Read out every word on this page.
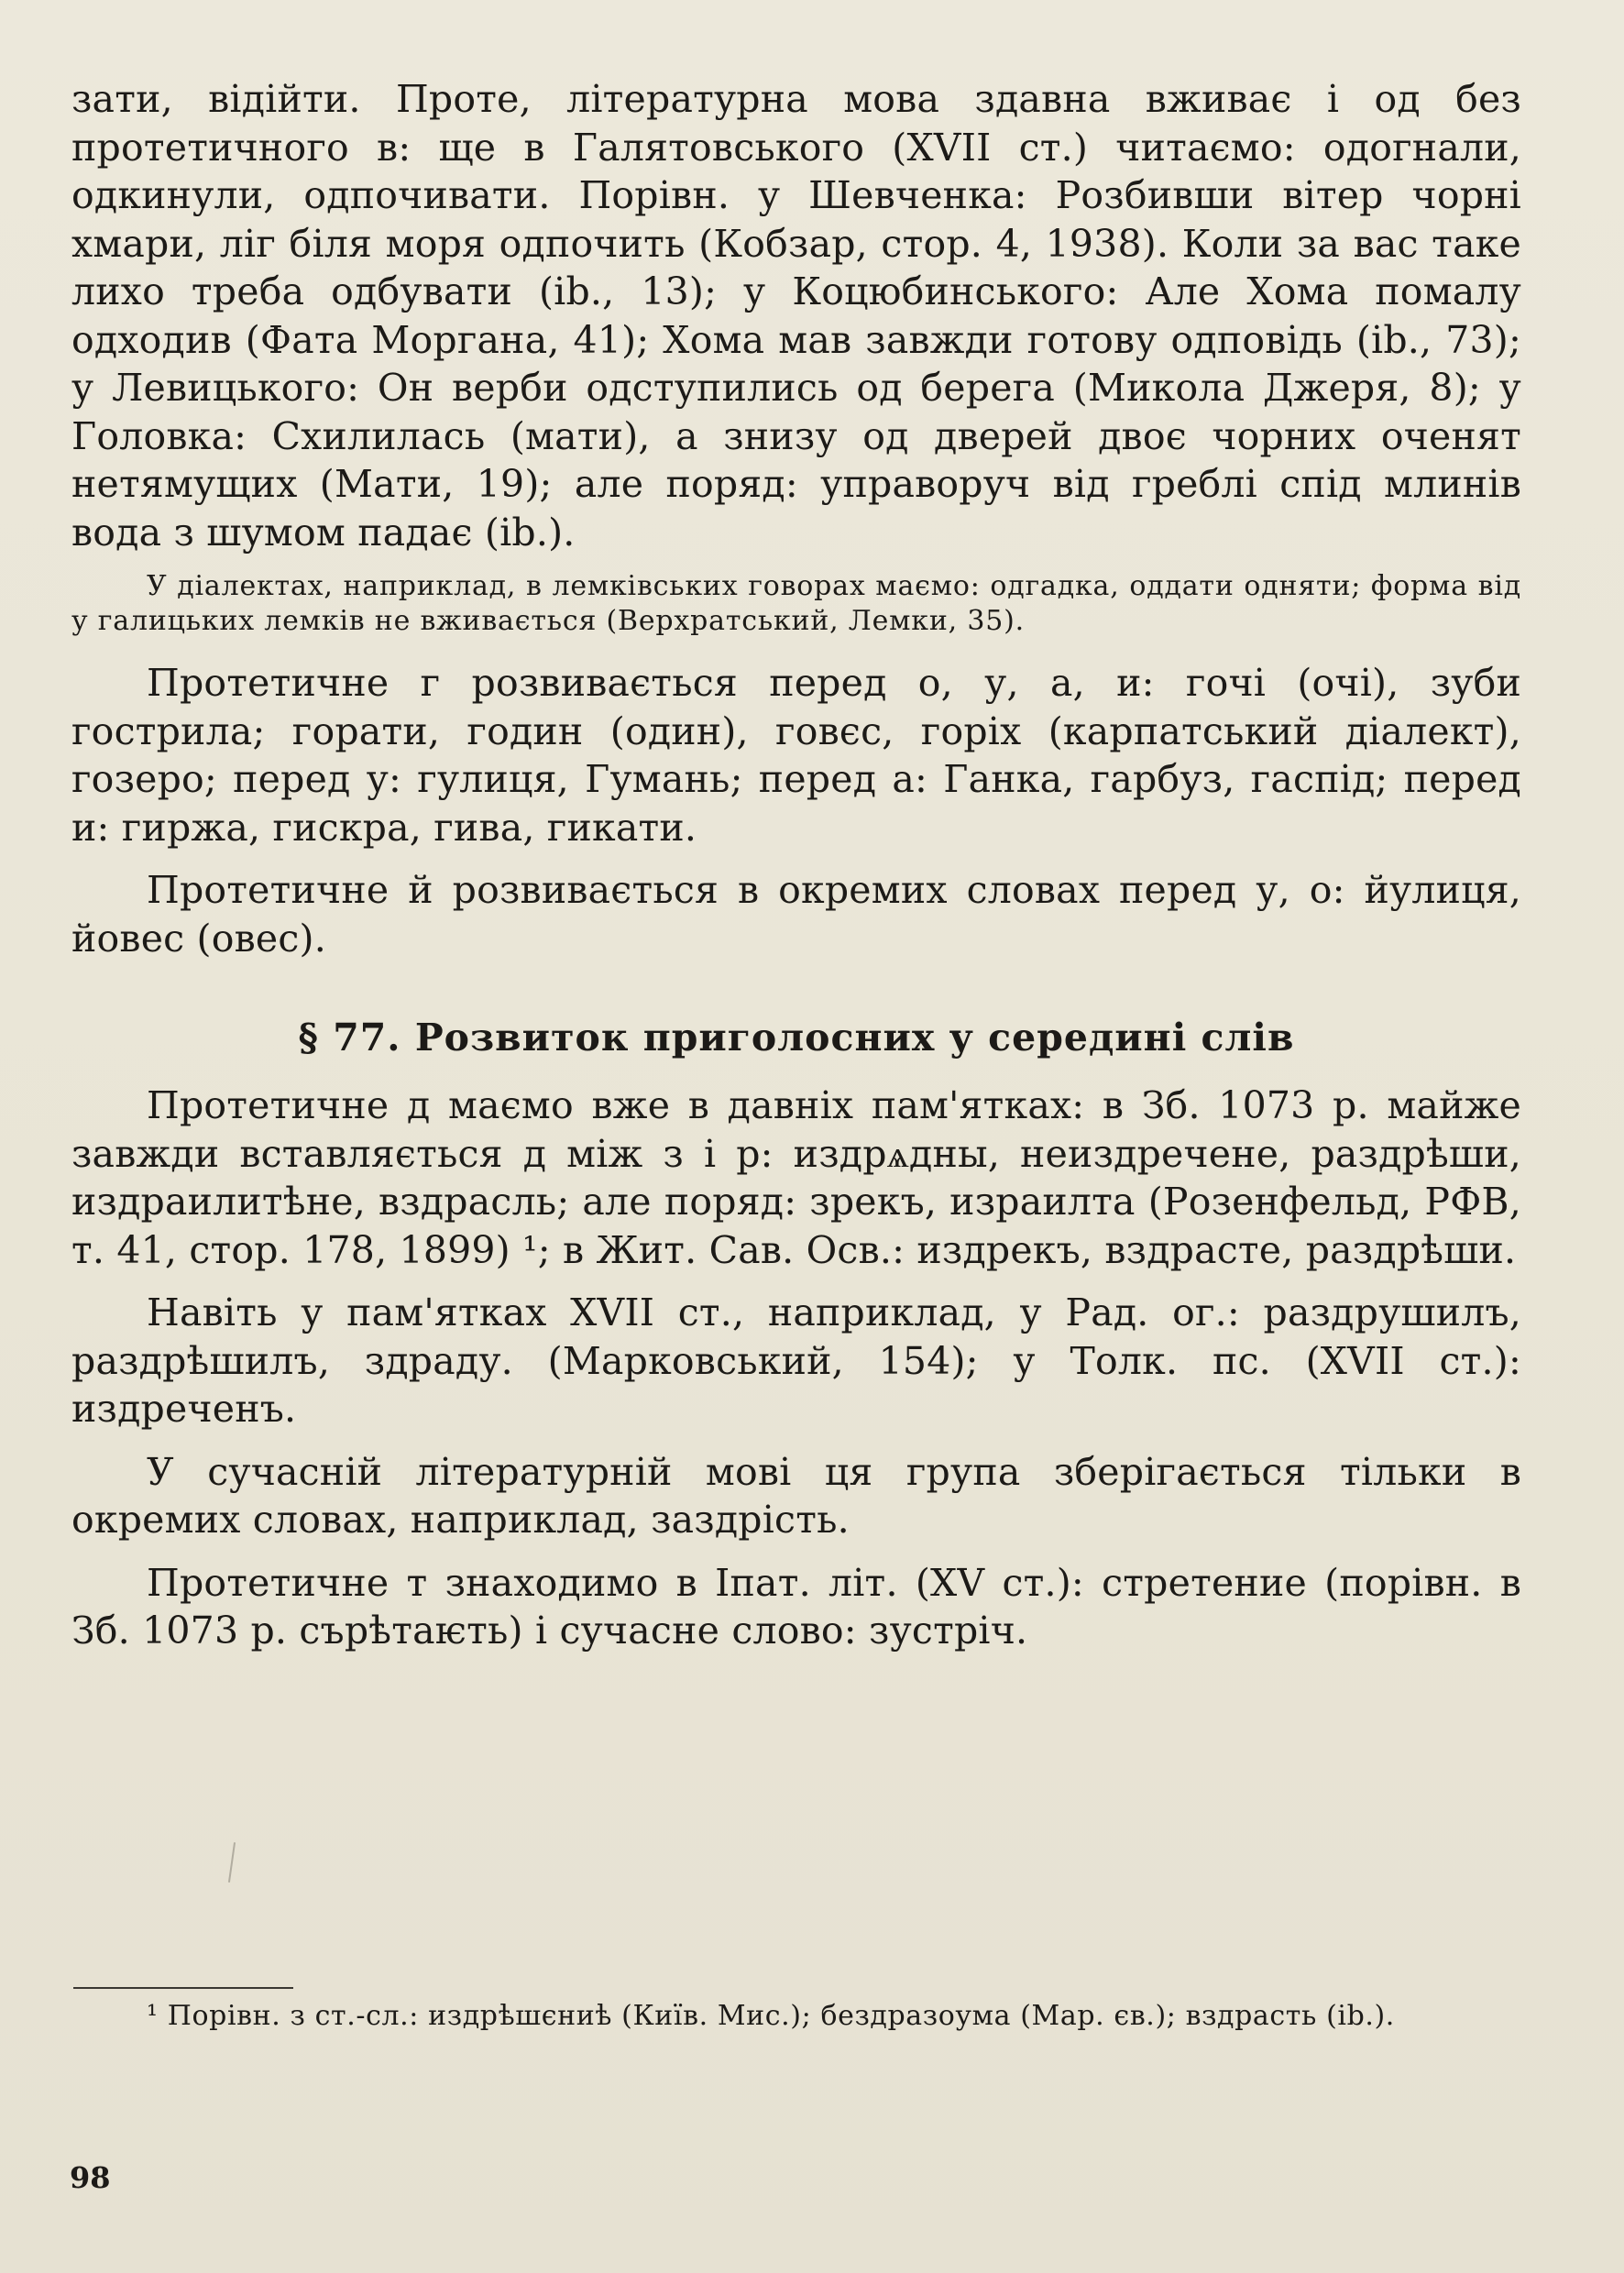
зати, відійти. Проте, літературна мова здавна вживає і од без протетичного в: ще в Галятовського (XVII ст.) читаємо: одогнали, одкинули, одпочивати. Порівн. у Шевченка: Розбивши вітер чорні хмари, ліг біля моря одпочить (Кобзар, стор. 4, 1938). Коли за вас таке лихо треба одбувати (ib., 13); у Коцюбинського: Але Хома помалу одходив (Фата Моргана, 41); Хома мав завжди готову одповідь (ib., 73); у Левицького: Он верби одступились од берега (Микола Джеря, 8); у Головка: Схилилась (мати), а знизу од дверей двоє чорних оченят нетямущих (Мати, 19); але поряд: управоруч від греблі спід млинів вода з шумом падає (ib.).

У діалектах, наприклад, в лемківських говорах маємо: одгадка, оддати одняти; форма від у галицьких лемків не вживається (Верхратський, Лемки, 35).

Протетичне г розвивається перед о, у, а, и: гочі (очі), зуби гострила; горати, годин (один), говєс, горіх (карпатський діалект), гозеро; перед у: гулиця, Гумань; перед а: Ганка, гарбуз, гаспід; перед и: гиржа, гискра, гива, гикати.

Протетичне й розвивається в окремих словах перед у, о: йулиця, йовес (овес).

§ 77. Розвиток приголосних у середині слів

Протетичне д маємо вже в давніх пам'ятках: в Зб. 1073 р. майже завжди вставляється д між з і р: издрѧдны, неиздречене, раздрѣши, издраилитѣне, вздрасль; але поряд: зрекъ, израилта (Розенфельд, РФВ, т. 41, стор. 178, 1899) ¹; в Жит. Сав. Осв.: издрекъ, вздрасте, раздрѣши.

Навіть у пам'ятках XVII ст., наприклад, у Рад. ог.: раздрушилъ, раздрѣшилъ, здраду. (Марковський, 154); у Толк. пс. (XVII ст.): издреченъ.

У сучасній літературній мові ця група зберігається тільки в окремих словах, наприклад, заздрість.

Протетичне т знаходимо в Іпат. літ. (XV ст.): стретение (порівн. в Зб. 1073 р. сърѣтаѥть) і сучасне слово: зустріч.

¹ Порівн. з ст.-сл.: издрѣшєниѣ (Київ. Мис.); бездразоума (Мар. єв.); вздрасть (ib.).

98
